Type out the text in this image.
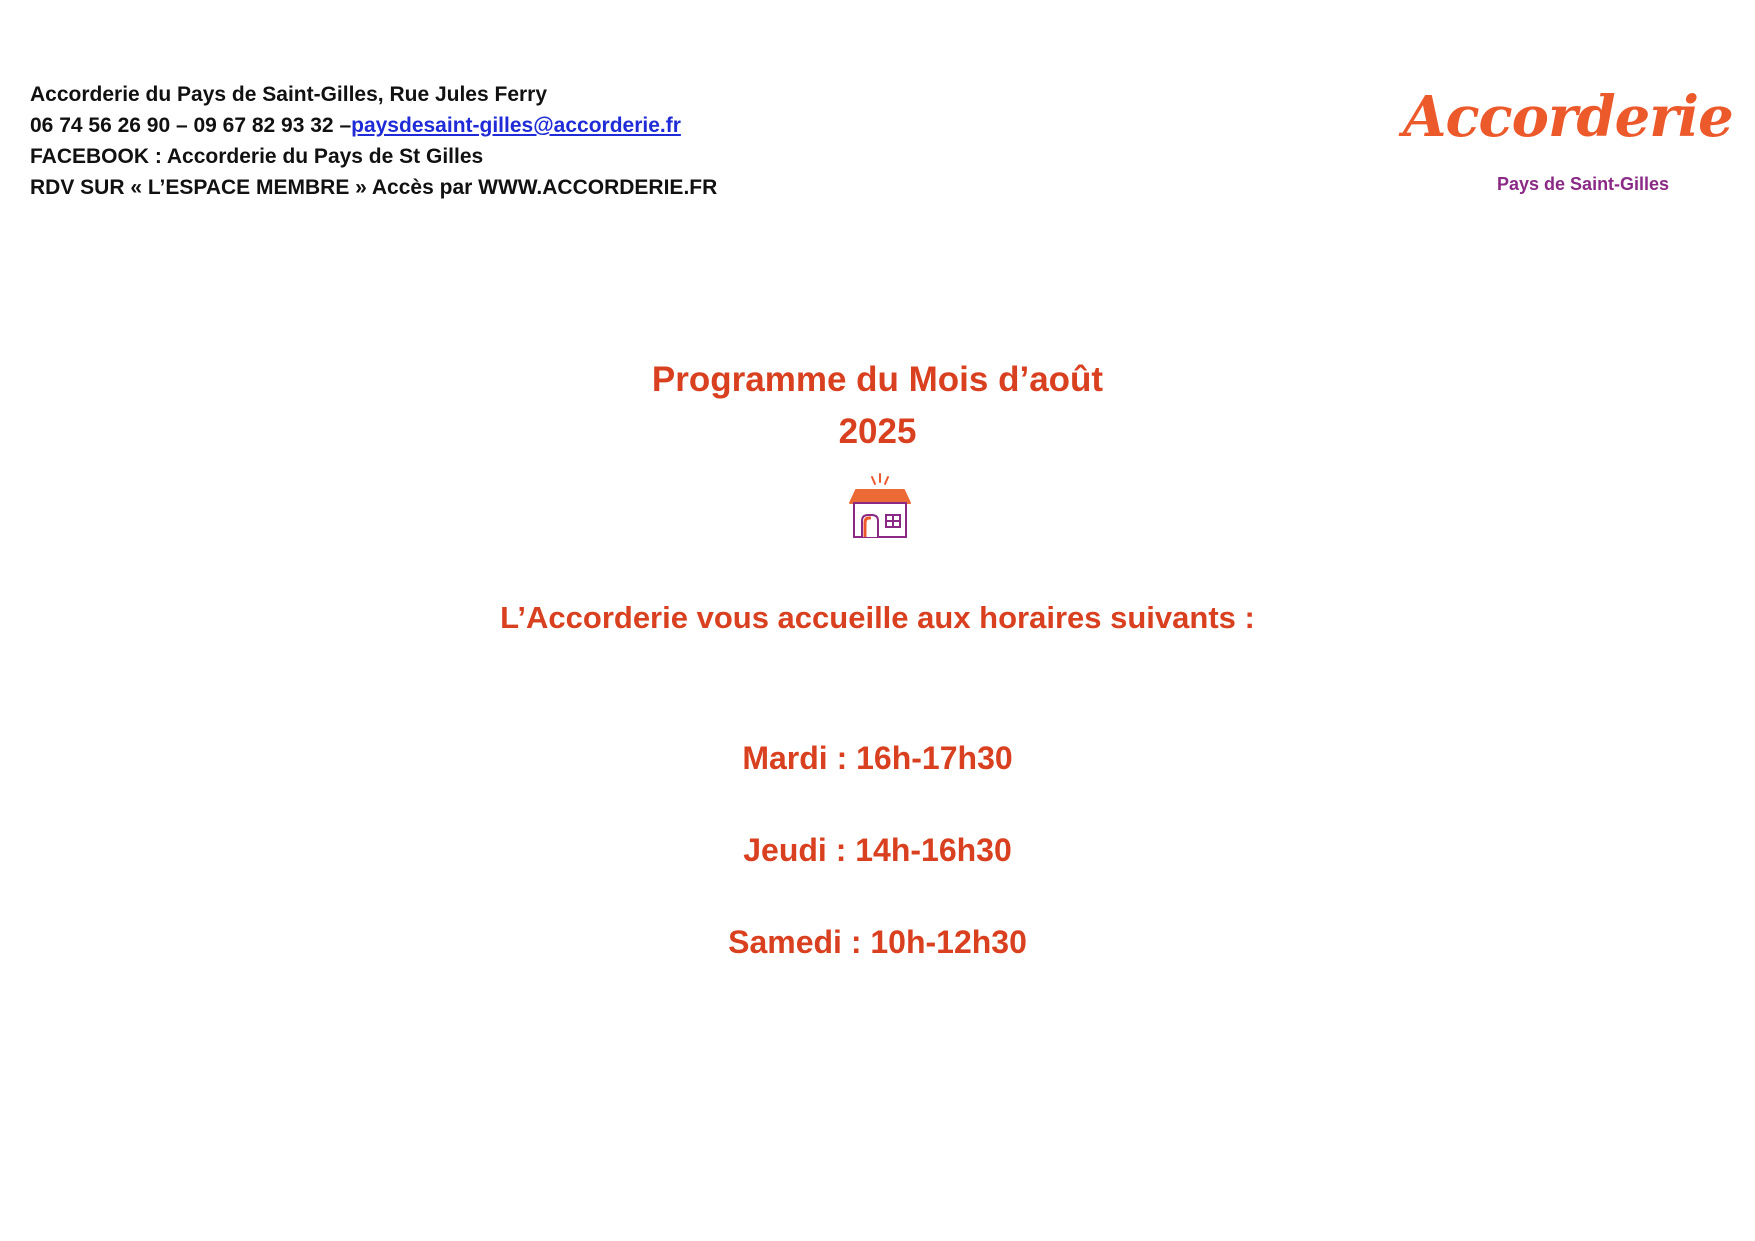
Accorderie du Pays de Saint-Gilles, Rue Jules Ferry
06 74 56 26 90 – 09 67 82 93 32 –paysdesaint-gilles@accorderie.fr
FACEBOOK : Accorderie du Pays de St Gilles
RDV SUR « L’ESPACE MEMBRE » Accès par WWW.ACCORDERIE.FR
Accorderie
Pays de Saint-Gilles
Programme du Mois d’août
2025
L’Accorderie vous accueille aux horaires suivants :
Mardi : 16h-17h30
Jeudi : 14h-16h30
Samedi : 10h-12h30
